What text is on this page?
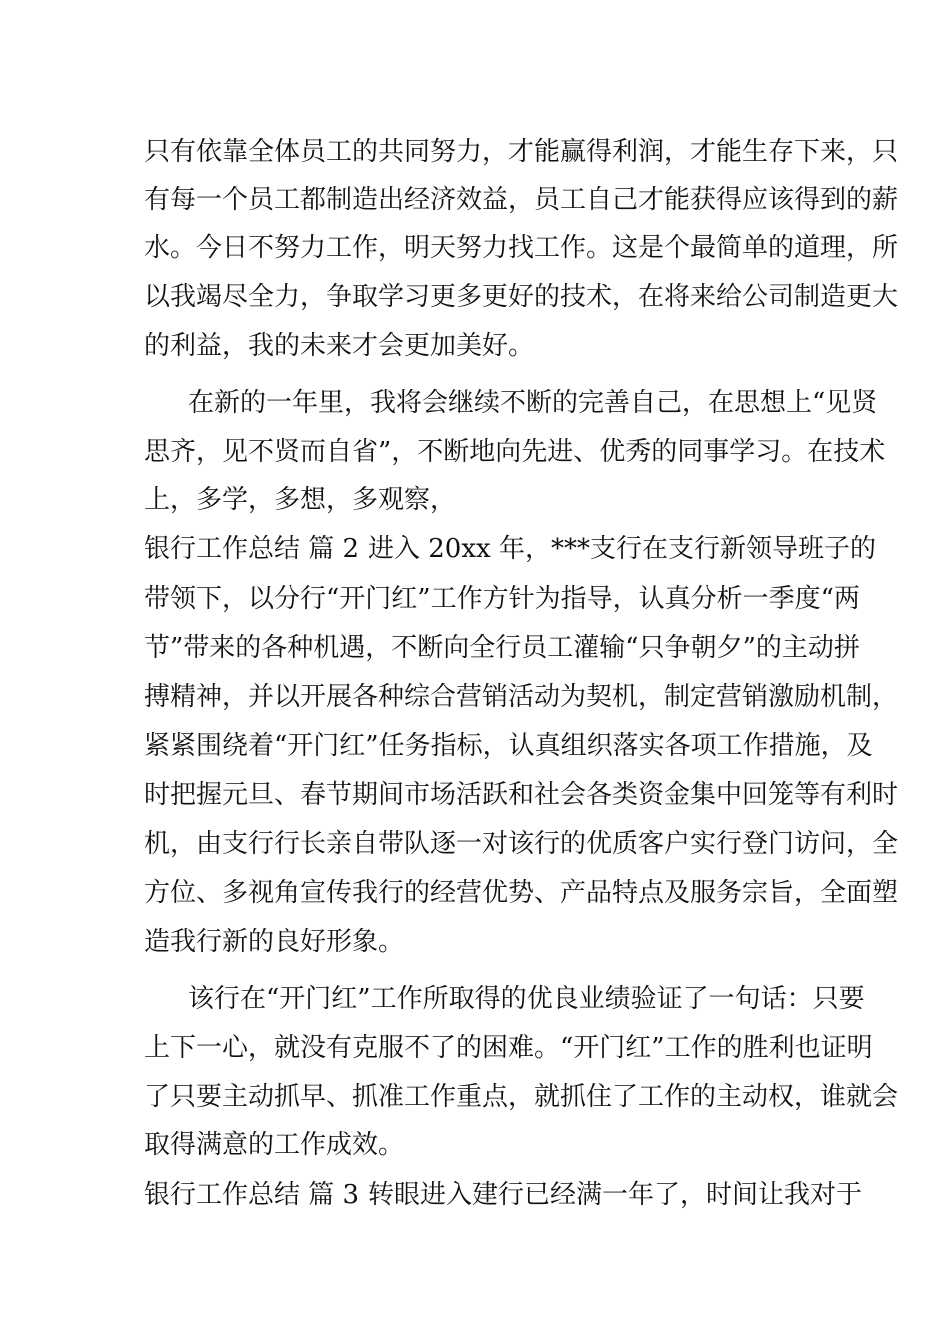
只有依靠全体员工的共同努力，才能赢得利润，才能生存下来，只
有每一个员工都制造出经济效益，员工自己才能获得应该得到的薪
水。今日不努力工作，明天努力找工作。这是个最简单的道理，所
以我竭尽全力，争取学习更多更好的技术，在将来给公司制造更大
的利益，我的未来才会更加美好。
在新的一年里，我将会继续不断的完善自己，在思想上“见贤
思齐，见不贤而自省”，不断地向先进、优秀的同事学习。在技术
上，多学，多想，多观察，
银行工作总结 篇 2 进入 20xx 年，***支行在支行新领导班子的
带领下，以分行“开门红”工作方针为指导，认真分析一季度“两
节”带来的各种机遇，不断向全行员工灌输“只争朝夕”的主动拼
搏精神，并以开展各种综合营销活动为契机，制定营销激励机制，
紧紧围绕着“开门红”任务指标，认真组织落实各项工作措施，及
时把握元旦、春节期间市场活跃和社会各类资金集中回笼等有利时
机，由支行行长亲自带队逐一对该行的优质客户实行登门访问，全
方位、多视角宣传我行的经营优势、产品特点及服务宗旨，全面塑
造我行新的良好形象。
该行在“开门红”工作所取得的优良业绩验证了一句话：只要
上下一心，就没有克服不了的困难。“开门红”工作的胜利也证明
了只要主动抓早、抓准工作重点，就抓住了工作的主动权，谁就会
取得满意的工作成效。
银行工作总结 篇 3 转眼进入建行已经满一年了，时间让我对于
